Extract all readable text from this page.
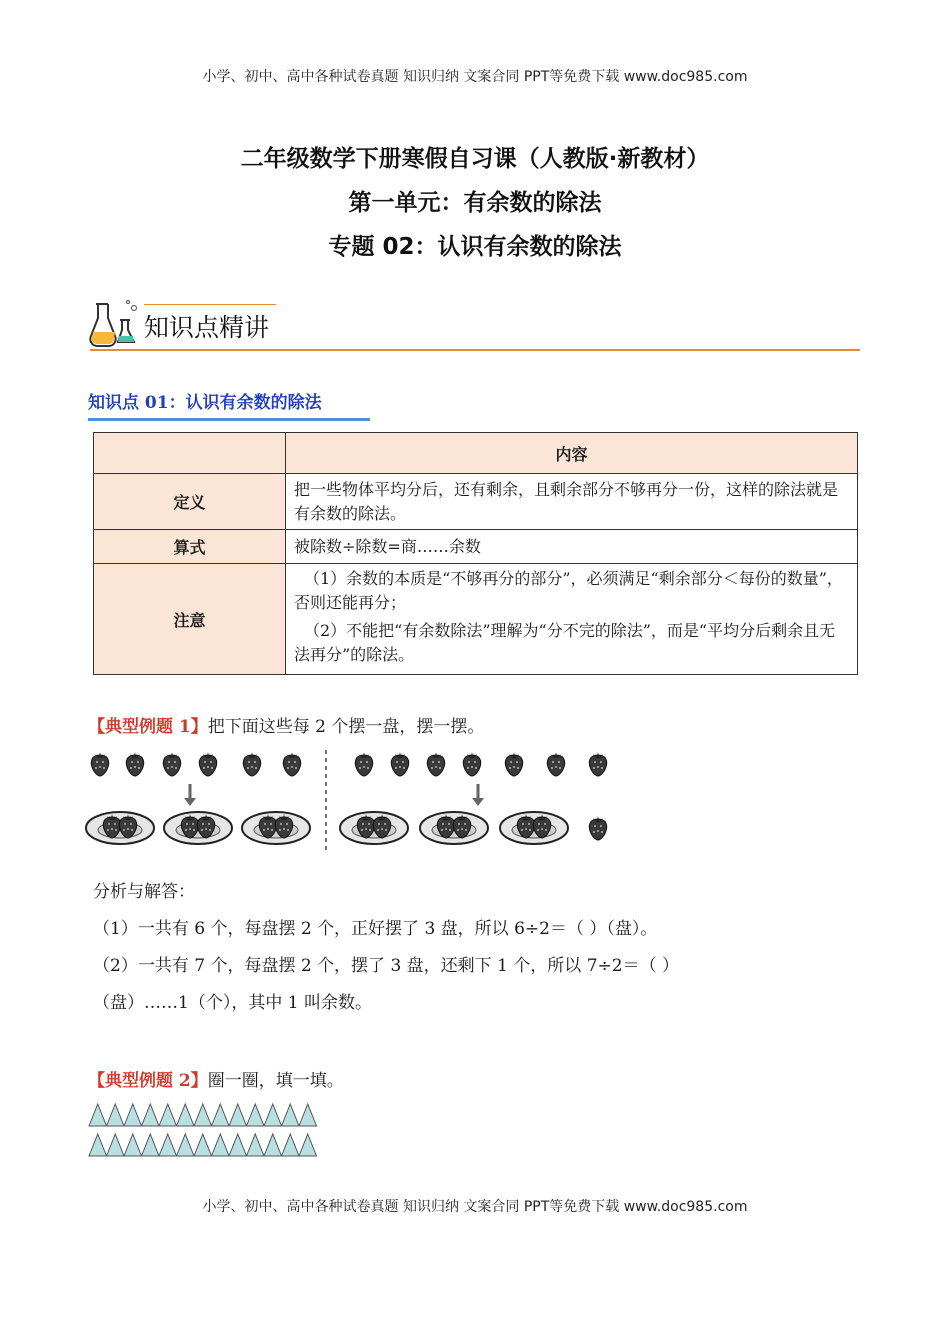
小学、初中、高中各种试卷真题 知识归纳 文案合同 PPT等免费下载 www.doc985.com
二年级数学下册寒假自习课（人教版·新教材）
第一单元：有余数的除法
专题 02：认识有余数的除法
知识点精讲
知识点 01：认识有余数的除法
	内容
定义	把一些物体平均分后，还有剩余，且剩余部分不够再分一份，这样的除法就是有余数的除法。
算式	被除数÷除数=商……余数
注意	（1）余数的本质是“不够再分的部分”，必须满足“剩余部分＜每份的数量”，否则还能再分；

（2）不能把“有余数除法”理解为“分不完的除法”，而是“平均分后剩余且无法再分”的除法。

【典型例题 1】把下面这些每 2 个摆一盘，摆一摆。

分析与解答：

（1）一共有 6 个，每盘摆 2 个，正好摆了 3 盘，所以 6÷2＝（ ）（盘）。

（2）一共有 7 个，每盘摆 2 个，摆了 3 盘，还剩下 1 个，所以 7÷2＝（ ）

（盘）……1（个），其中 1 叫余数。

【典型例题 2】圈一圈，填一填。
小学、初中、高中各种试卷真题 知识归纳 文案合同 PPT等免费下载 www.doc985.com
